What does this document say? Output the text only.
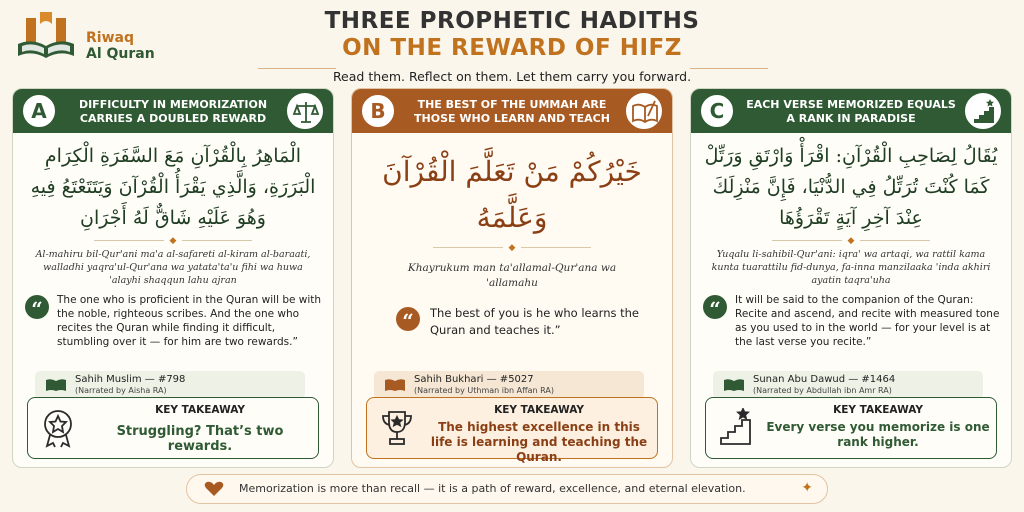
Riwaq
Al Quran
THREE PROPHETIC HADITHS
ON THE REWARD OF HIFZ
Read them. Reflect on them. Let them carry you forward.
A	DIFFICULTY IN MEMORIZATION CARRIES A DOUBLED REWARD
الْمَاهِرُ بِالْقُرْآنِ مَعَ السَّفَرَةِ الْكِرَامِ الْبَرَرَةِ، وَالَّذِي يَقْرَأُ الْقُرْآنَ وَيَتَتَعْتَعُ فِيهِ وَهُوَ عَلَيْهِ شَاقٌّ لَهُ أَجْرَانِ
◆
Al-mahiru bil-Qur'ani ma'a al-safareti al-kiram al-baraati, walladhi yaqra'ul-Qur'ana wa yatata'ta'u fihi wa huwa 'alayhi shaqqun lahu ajran
“	The one who is proficient in the Quran will be with the noble, righteous scribes. And the one who recites the Quran while finding it difficult, stumbling over it — for him are two rewards.”
Sahih Muslim — #798
(Narrated by Aisha RA)
KEY TAKEAWAY
Struggling? That’s two rewards.
B	THE BEST OF THE UMMAH ARE THOSE WHO LEARN AND TEACH
خَيْرُكُمْ مَنْ تَعَلَّمَ الْقُرْآنَ وَعَلَّمَهُ
◆
Khayrukum man ta'allamal-Qur'ana wa 'allamahu
“	The best of you is he who learns the Quran and teaches it.”
Sahih Bukhari — #5027
(Narrated by Uthman ibn Affan RA)
KEY TAKEAWAY
The highest excellence in this life is learning and teaching the Quran.
C	EACH VERSE MEMORIZED EQUALS A RANK IN PARADISE
يُقَالُ لِصَاحِبِ الْقُرْآنِ: اقْرَأْ وَارْتَقِ وَرَتِّلْ كَمَا كُنْتَ تُرَتِّلُ فِي الدُّنْيَا، فَإِنَّ مَنْزِلَكَ عِنْدَ آخِرِ آيَةٍ تَقْرَؤُهَا
◆
Yuqalu li-sahibil-Qur'ani: iqra' wa artaqi, wa rattil kama kunta tuarattilu fid-dunya, fa-inna manzilaaka 'inda akhiri ayatin taqra'uha
“	It will be said to the companion of the Quran: Recite and ascend, and recite with measured tone as you used to in the world — for your level is at the last verse you recite.”
Sunan Abu Dawud — #1464
(Narrated by Abdullah ibn Amr RA)
KEY TAKEAWAY
Every verse you memorize is one rank higher.
Memorization is more than recall — it is a path of reward, excellence, and eternal elevation.	✦
